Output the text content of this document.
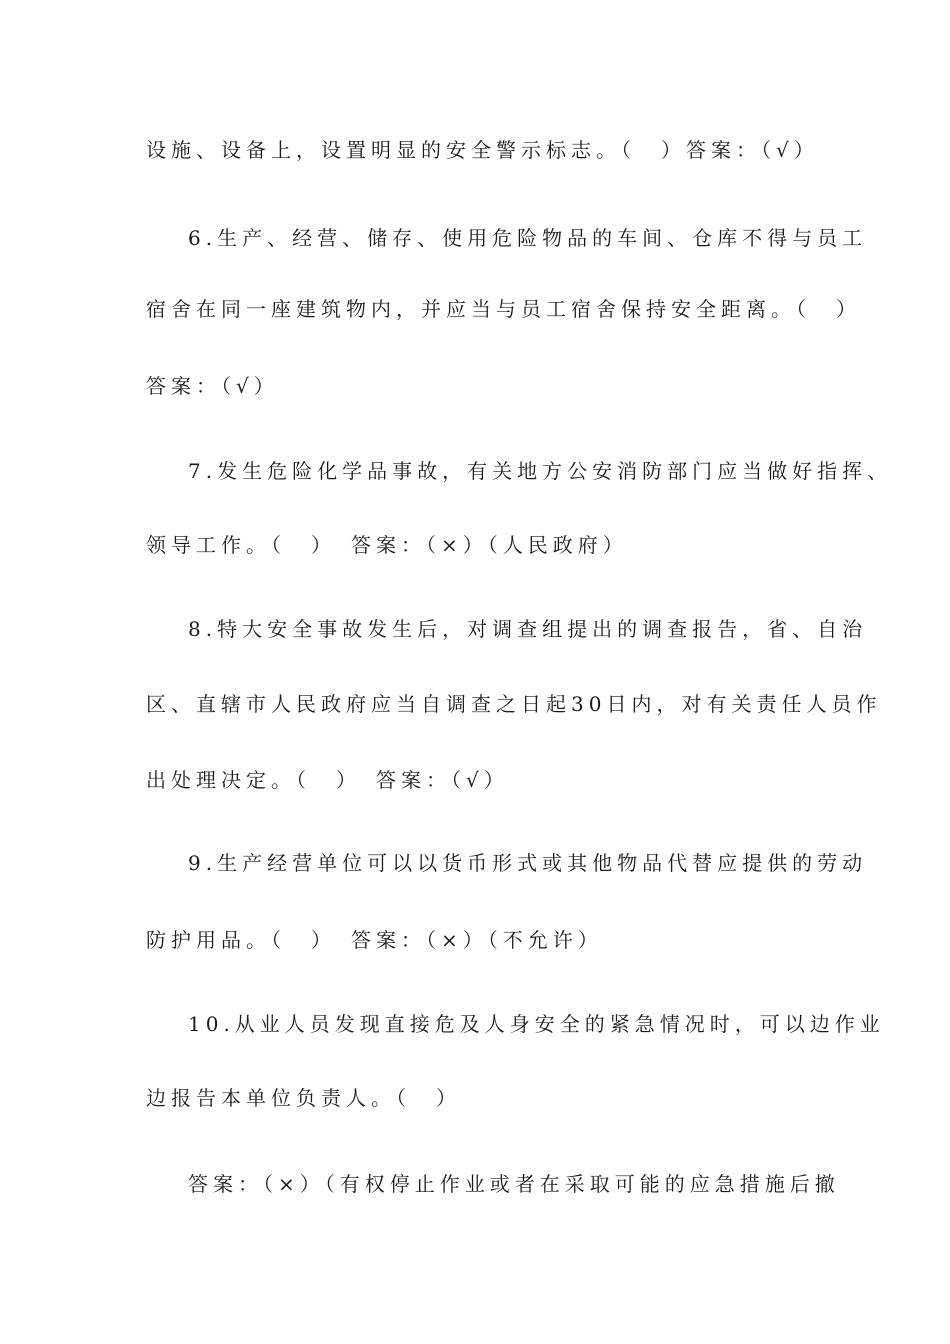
设施、设备上，设置明显的安全警示标志。（　）答案：（√）

6.生产、经营、储存、使用危险物品的车间、仓库不得与员工

宿舍在同一座建筑物内，并应当与员工宿舍保持安全距离。（　）

答案：（√）

7.发生危险化学品事故，有关地方公安消防部门应当做好指挥、

领导工作。（　）　答案：（×）（人民政府）

8.特大安全事故发生后，对调查组提出的调查报告，省、自治

区、直辖市人民政府应当自调查之日起30日内，对有关责任人员作

出处理决定。（　）　答案：（√）

9.生产经营单位可以以货币形式或其他物品代替应提供的劳动

防护用品。（　）　答案：（×）（不允许）

10.从业人员发现直接危及人身安全的紧急情况时，可以边作业

边报告本单位负责人。（　）

答案：（×）（有权停止作业或者在采取可能的应急措施后撤
